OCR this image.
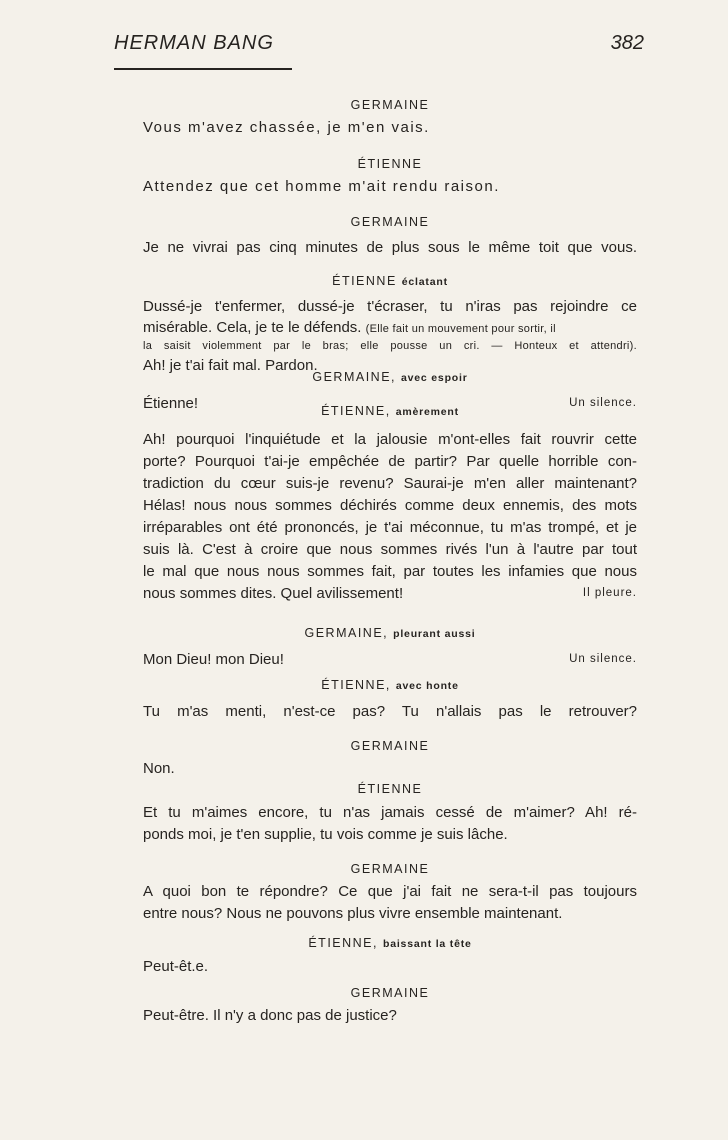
HERMAN BANG	382
GERMAINE
Vous m'avez chassée, je m'en vais.
ÉTIENNE
Attendez que cet homme m'ait rendu raison.
GERMAINE
Je ne vivrai pas cinq minutes de plus sous le même toit que vous.
ÉTIENNE éclatant
Dussé-je t'enfermer, dussé-je t'écraser, tu n'iras pas rejoindre ce
misérable. Cela, je te le défends. (Elle fait un mouvement pour sortir, il
la saisit violemment par le bras; elle pousse un cri. — Honteux et attendri).
Ah! je t'ai fait mal. Pardon.
GERMAINE, avec espoir
Étienne!	Un silence.
ÉTIENNE, amèrement
Ah! pourquoi l'inquiétude et la jalousie m'ont-elles fait rouvrir cette
porte? Pourquoi t'ai-je empêchée de partir? Par quelle horrible con-
tradiction du cœur suis-je revenu? Saurai-je m'en aller maintenant?
Hélas! nous nous sommes déchirés comme deux ennemis, des mots
irréparables ont été prononcés, je t'ai méconnue, tu m'as trompé, et je
suis là. C'est à croire que nous sommes rivés l'un à l'autre par tout
le mal que nous nous sommes fait, par toutes les infamies que nous
nous sommes dites. Quel avilissement!	Il pleure.
GERMAINE, pleurant aussi
Mon Dieu! mon Dieu!	Un silence.
ÉTIENNE, avec honte
Tu m'as menti, n'est-ce pas? Tu n'allais pas le retrouver?
GERMAINE
Non.
ÉTIENNE
Et tu m'aimes encore, tu n'as jamais cessé de m'aimer? Ah! ré-
ponds moi, je t'en supplie, tu vois comme je suis lâche.
GERMAINE
A quoi bon te répondre? Ce que j'ai fait ne sera-t-il pas toujours
entre nous? Nous ne pouvons plus vivre ensemble maintenant.
ÉTIENNE, baissant la tête
Peut-êt.e.
GERMAINE
Peut-être. Il n'y a donc pas de justice?
